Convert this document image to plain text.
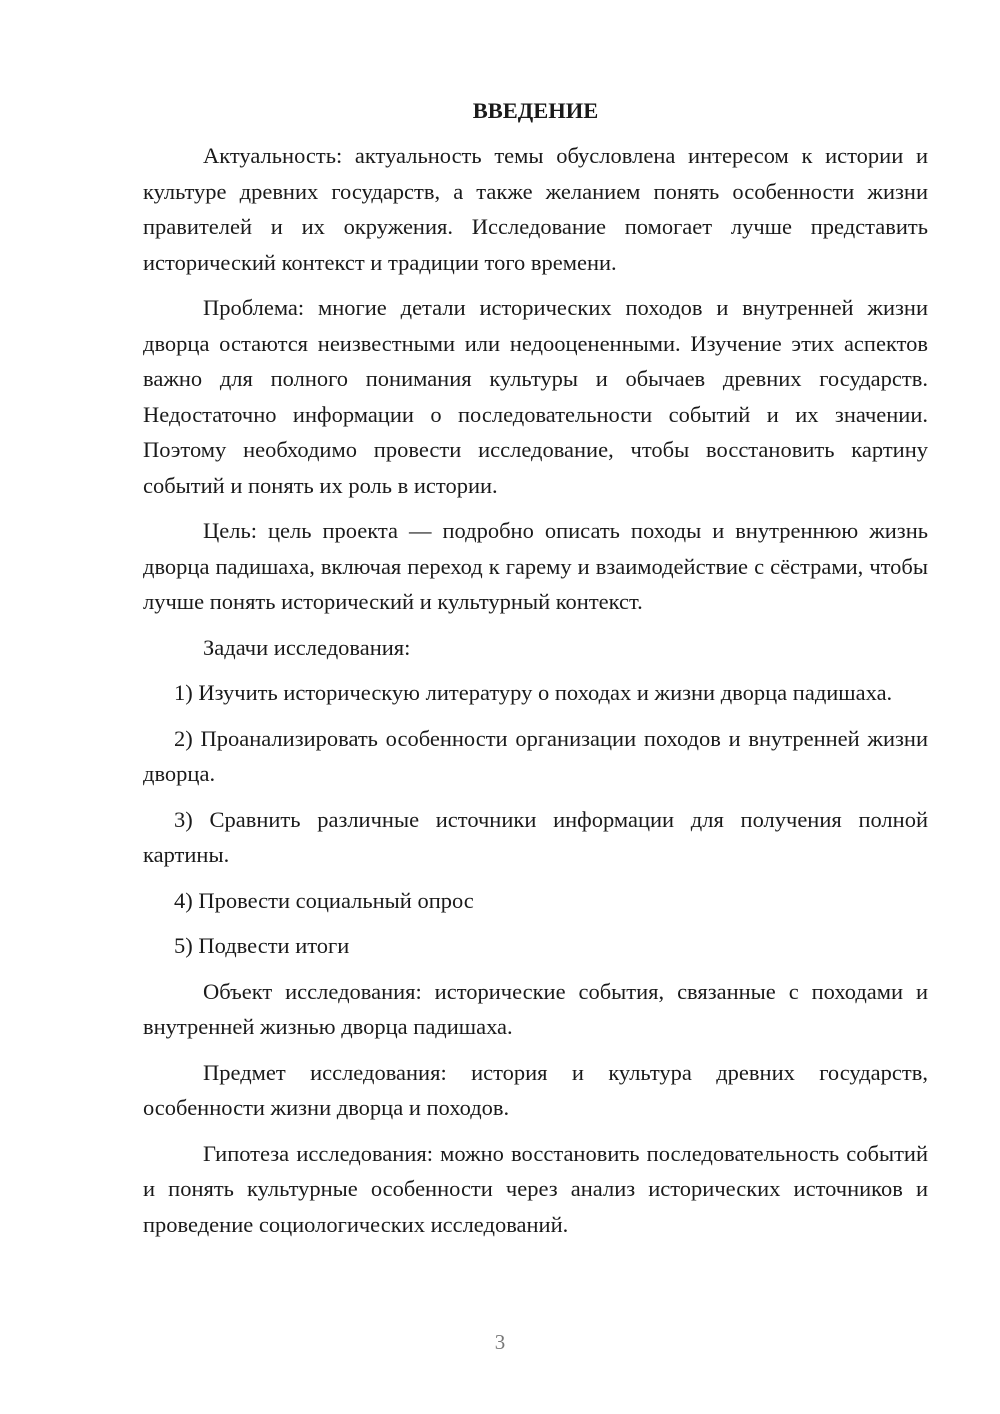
ВВЕДЕНИЕ

Актуальность: актуальность темы обусловлена интересом к истории и культуре древних государств, а также желанием понять особенности жизни правителей и их окружения. Исследование помогает лучше представить исторический контекст и традиции того времени.

Проблема: многие детали исторических походов и внутренней жизни дворца остаются неизвестными или недооцененными. Изучение этих аспектов важно для полного понимания культуры и обычаев древних государств. Недостаточно информации о последовательности событий и их значении. Поэтому необходимо провести исследование, чтобы восстановить картину событий и понять их роль в истории.

Цель: цель проекта — подробно описать походы и внутреннюю жизнь дворца падишаха, включая переход к гарему и взаимодействие с сёстрами, чтобы лучше понять исторический и культурный контекст.

Задачи исследования:

1) Изучить историческую литературу о походах и жизни дворца падишаха.

2) Проанализировать особенности организации походов и внутренней жизни дворца.

3) Сравнить различные источники информации для получения полной картины.

4) Провести социальный опрос

5) Подвести итоги

Объект исследования: исторические события, связанные с походами и внутренней жизнью дворца падишаха.

Предмет исследования: история и культура древних государств, особенности жизни дворца и походов.

Гипотеза исследования: можно восстановить последовательность событий и понять культурные особенности через анализ исторических источников и проведение социологических исследований.

3
